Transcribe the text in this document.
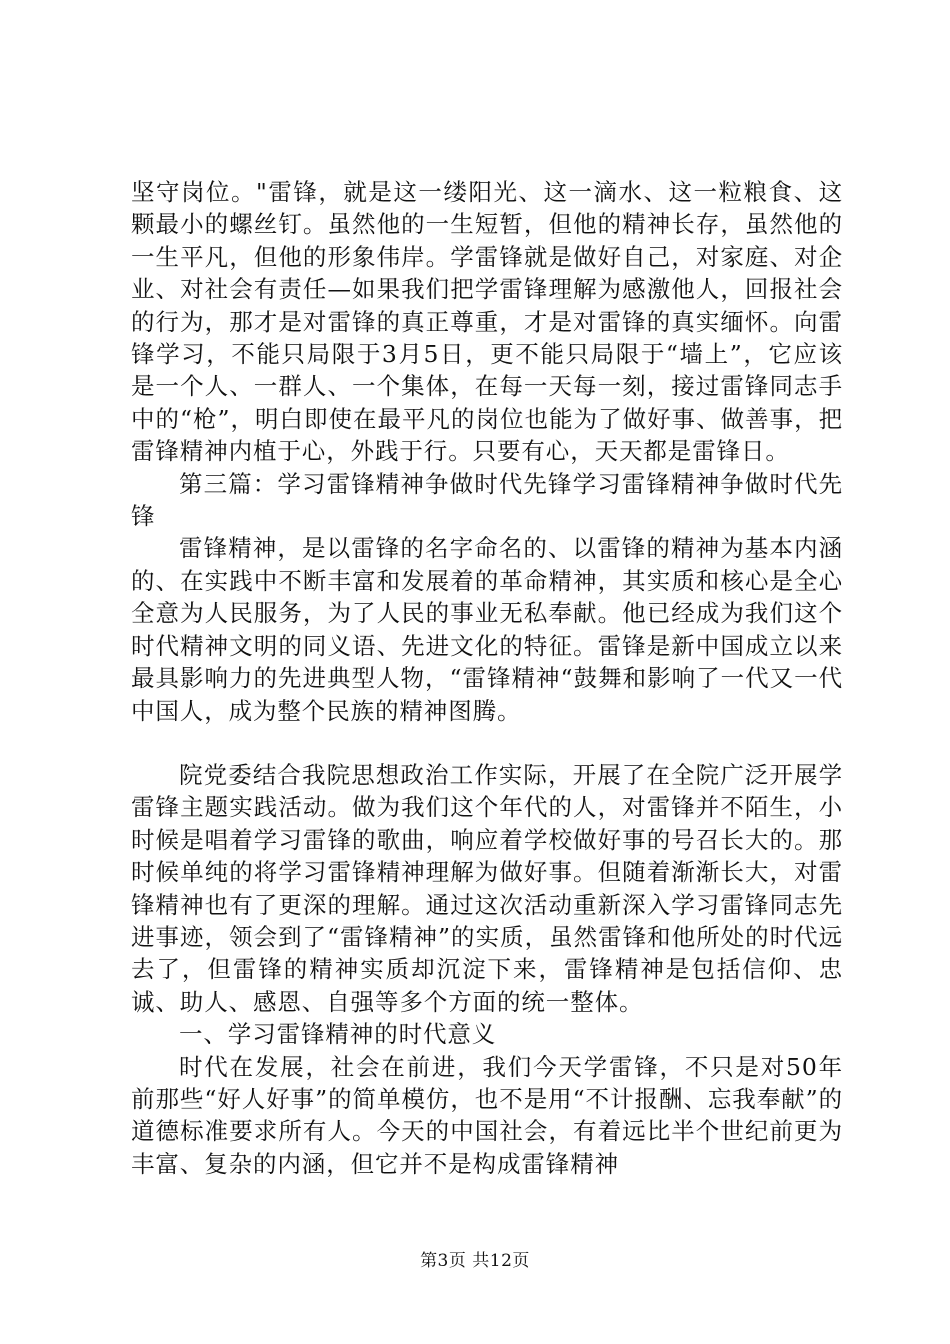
坚守岗位。"雷锋，就是这一缕阳光、这一滴水、这一粒粮食、这颗最小的螺丝钉。虽然他的一生短暂，但他的精神长存，虽然他的一生平凡，但他的形象伟岸。学雷锋就是做好自己，对家庭、对企业、对社会有责任—如果我们把学雷锋理解为感激他人，回报社会的行为，那才是对雷锋的真正尊重，才是对雷锋的真实缅怀。向雷锋学习，不能只局限于3月5日，更不能只局限于“墙上”，它应该是一个人、一群人、一个集体，在每一天每一刻，接过雷锋同志手中的“枪”，明白即使在最平凡的岗位也能为了做好事、做善事，把雷锋精神内植于心，外践于行。只要有心，天天都是雷锋日。

第三篇：学习雷锋精神争做时代先锋学习雷锋精神争做时代先锋

雷锋精神，是以雷锋的名字命名的、以雷锋的精神为基本内涵的、在实践中不断丰富和发展着的革命精神，其实质和核心是全心全意为人民服务，为了人民的事业无私奉献。他已经成为我们这个时代精神文明的同义语、先进文化的特征。雷锋是新中国成立以来最具影响力的先进典型人物，“雷锋精神“鼓舞和影响了一代又一代中国人，成为整个民族的精神图腾。

院党委结合我院思想政治工作实际，开展了在全院广泛开展学雷锋主题实践活动。做为我们这个年代的人，对雷锋并不陌生，小时候是唱着学习雷锋的歌曲，响应着学校做好事的号召长大的。那时候单纯的将学习雷锋精神理解为做好事。但随着渐渐长大，对雷锋精神也有了更深的理解。通过这次活动重新深入学习雷锋同志先进事迹，领会到了“雷锋精神”的实质，虽然雷锋和他所处的时代远去了，但雷锋的精神实质却沉淀下来，雷锋精神是包括信仰、忠诚、助人、感恩、自强等多个方面的统一整体。

一、学习雷锋精神的时代意义

时代在发展，社会在前进，我们今天学雷锋，不只是对50年前那些“好人好事”的简单模仿，也不是用“不计报酬、忘我奉献”的道德标准要求所有人。今天的中国社会，有着远比半个世纪前更为丰富、复杂的内涵，但它并不是构成雷锋精神

第3页 共12页
